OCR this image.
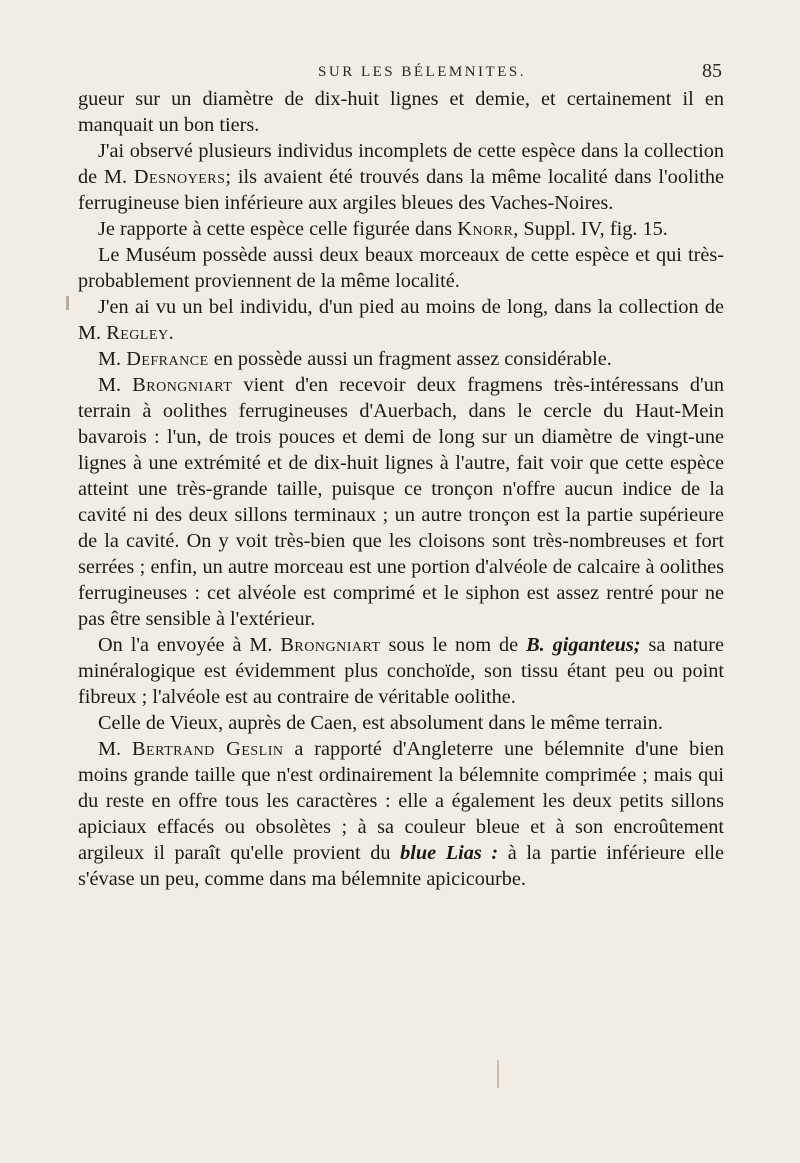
SUR LES BÉLEMNITES.	85

gueur sur un diamètre de dix-huit lignes et demie, et certainement il en manquait un bon tiers.

J'ai observé plusieurs individus incomplets de cette espèce dans la collection de M. Desnoyers; ils avaient été trouvés dans la même localité dans l'oolithe ferrugineuse bien inférieure aux argiles bleues des Vaches-Noires.

Je rapporte à cette espèce celle figurée dans Knorr, Suppl. IV, fig. 15.

Le Muséum possède aussi deux beaux morceaux de cette espèce et qui très-probablement proviennent de la même localité.

J'en ai vu un bel individu, d'un pied au moins de long, dans la collection de M. Regley.

M. Defrance en possède aussi un fragment assez considérable.

M. Brongniart vient d'en recevoir deux fragmens très-intéressans d'un terrain à oolithes ferrugineuses d'Auerbach, dans le cercle du Haut-Mein bavarois : l'un, de trois pouces et demi de long sur un diamètre de vingt-une lignes à une extrémité et de dix-huit lignes à l'autre, fait voir que cette espèce atteint une très-grande taille, puisque ce tronçon n'offre aucun indice de la cavité ni des deux sillons terminaux ; un autre tronçon est la partie supérieure de la cavité. On y voit très-bien que les cloisons sont très-nombreuses et fort serrées ; enfin, un autre morceau est une portion d'alvéole de calcaire à oolithes ferrugineuses : cet alvéole est comprimé et le siphon est assez rentré pour ne pas être sensible à l'extérieur.

On l'a envoyée à M. Brongniart sous le nom de B. giganteus; sa nature minéralogique est évidemment plus conchoïde, son tissu étant peu ou point fibreux ; l'alvéole est au contraire de véritable oolithe.

Celle de Vieux, auprès de Caen, est absolument dans le même terrain.

M. Bertrand Geslin a rapporté d'Angleterre une bélemnite d'une bien moins grande taille que n'est ordinairement la bélemnite comprimée ; mais qui du reste en offre tous les caractères : elle a également les deux petits sillons apiciaux effacés ou obsolètes ; à sa couleur bleue et à son encroûtement argileux il paraît qu'elle provient du blue Lias : à la partie inférieure elle s'évase un peu, comme dans ma bélemnite apicicourbe.
